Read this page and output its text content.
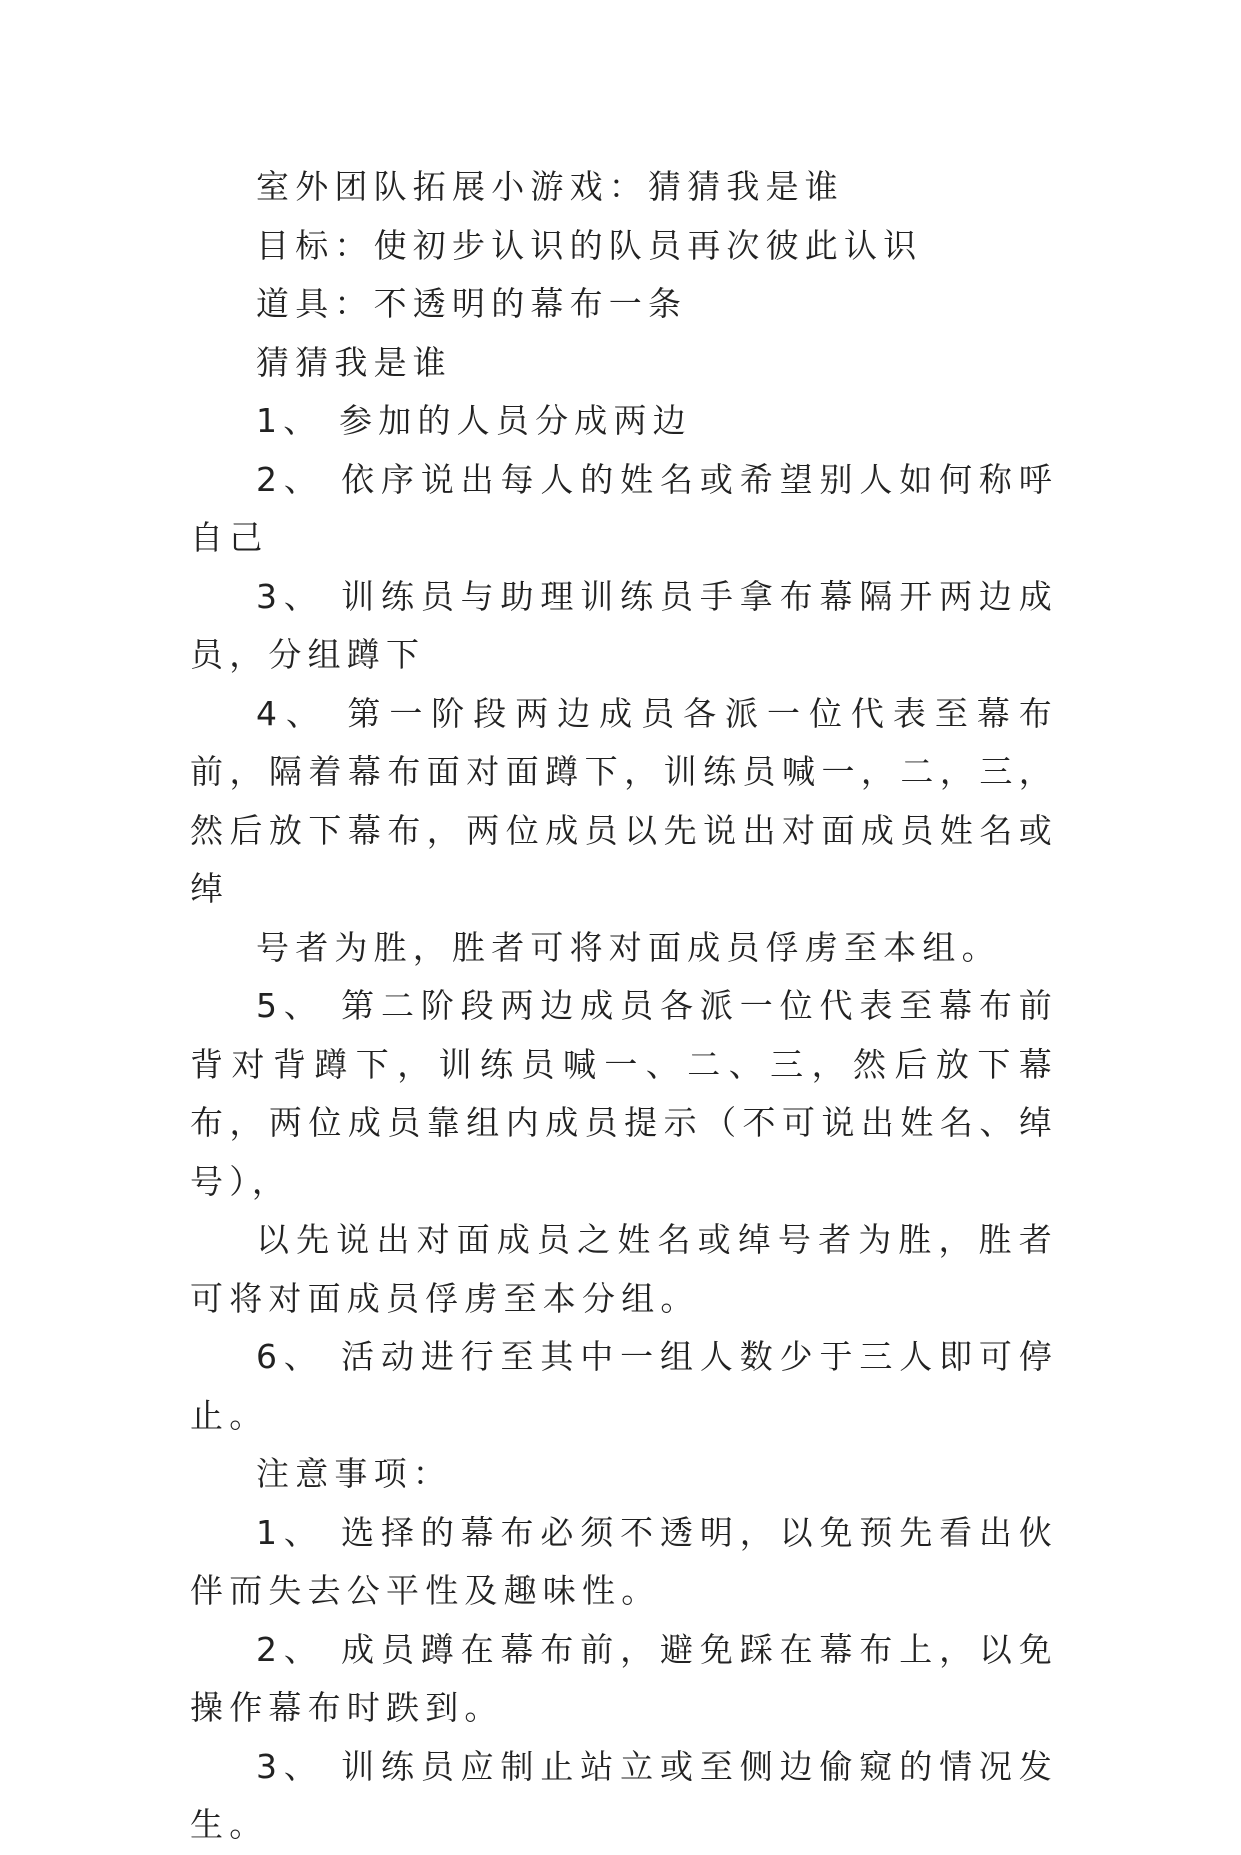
室外团队拓展小游戏：猜猜我是谁

目标：使初步认识的队员再次彼此认识

道具：不透明的幕布一条

猜猜我是谁

1、 参加的人员分成两边

2、 依序说出每人的姓名或希望别人如何称呼自己

3、 训练员与助理训练员手拿布幕隔开两边成员，分组蹲下

4、 第一阶段两边成员各派一位代表至幕布前，隔着幕布面对面蹲下，训练员喊一，二，三，然后放下幕布，两位成员以先说出对面成员姓名或绰

号者为胜，胜者可将对面成员俘虏至本组。

5、 第二阶段两边成员各派一位代表至幕布前背对背蹲下，训练员喊一、二、三，然后放下幕布，两位成员靠组内成员提示（不可说出姓名、绰号），

以先说出对面成员之姓名或绰号者为胜，胜者可将对面成员俘虏至本分组。

6、 活动进行至其中一组人数少于三人即可停止。

注意事项：

1、 选择的幕布必须不透明，以免预先看出伙伴而失去公平性及趣味性。

2、 成员蹲在幕布前，避免踩在幕布上，以免操作幕布时跌到。

3、 训练员应制止站立或至侧边偷窥的情况发生。
